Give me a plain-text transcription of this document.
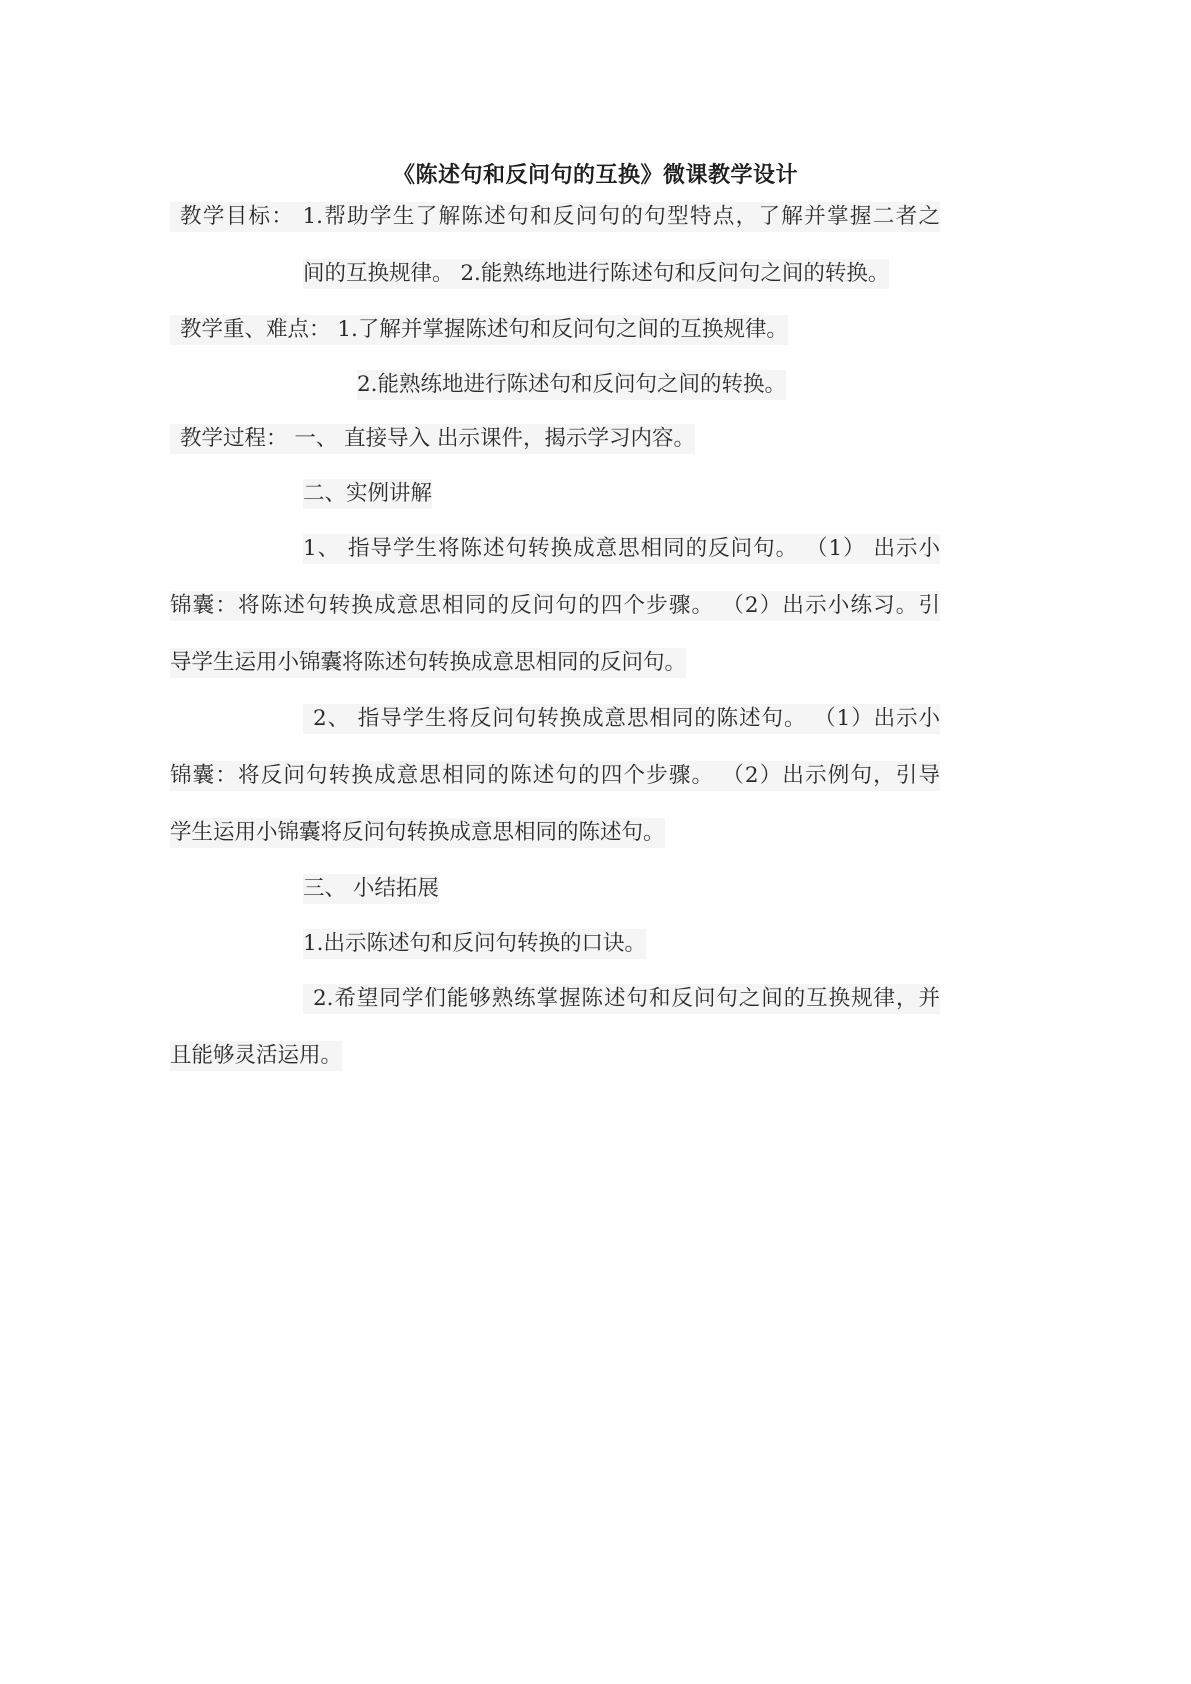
《陈述句和反问句的互换》微课教学设计
教学目标： 1.帮助学生了解陈述句和反问句的句型特点，了解并掌握二者之
间的互换规律。 2.能熟练地进行陈述句和反问句之间的转换。
教学重、难点： 1.了解并掌握陈述句和反问句之间的互换规律。
2.能熟练地进行陈述句和反问句之间的转换。
教学过程： 一、 直接导入 出示课件，揭示学习内容。
二、实例讲解
1、 指导学生将陈述句转换成意思相同的反问句。 （1） 出示小
锦囊：将陈述句转换成意思相同的反问句的四个步骤。 （2）出示小练习。引
导学生运用小锦囊将陈述句转换成意思相同的反问句。
2、 指导学生将反问句转换成意思相同的陈述句。 （1）出示小
锦囊：将反问句转换成意思相同的陈述句的四个步骤。 （2）出示例句，引导
学生运用小锦囊将反问句转换成意思相同的陈述句。
三、 小结拓展
1.出示陈述句和反问句转换的口诀。
2.希望同学们能够熟练掌握陈述句和反问句之间的互换规律，并
且能够灵活运用。
